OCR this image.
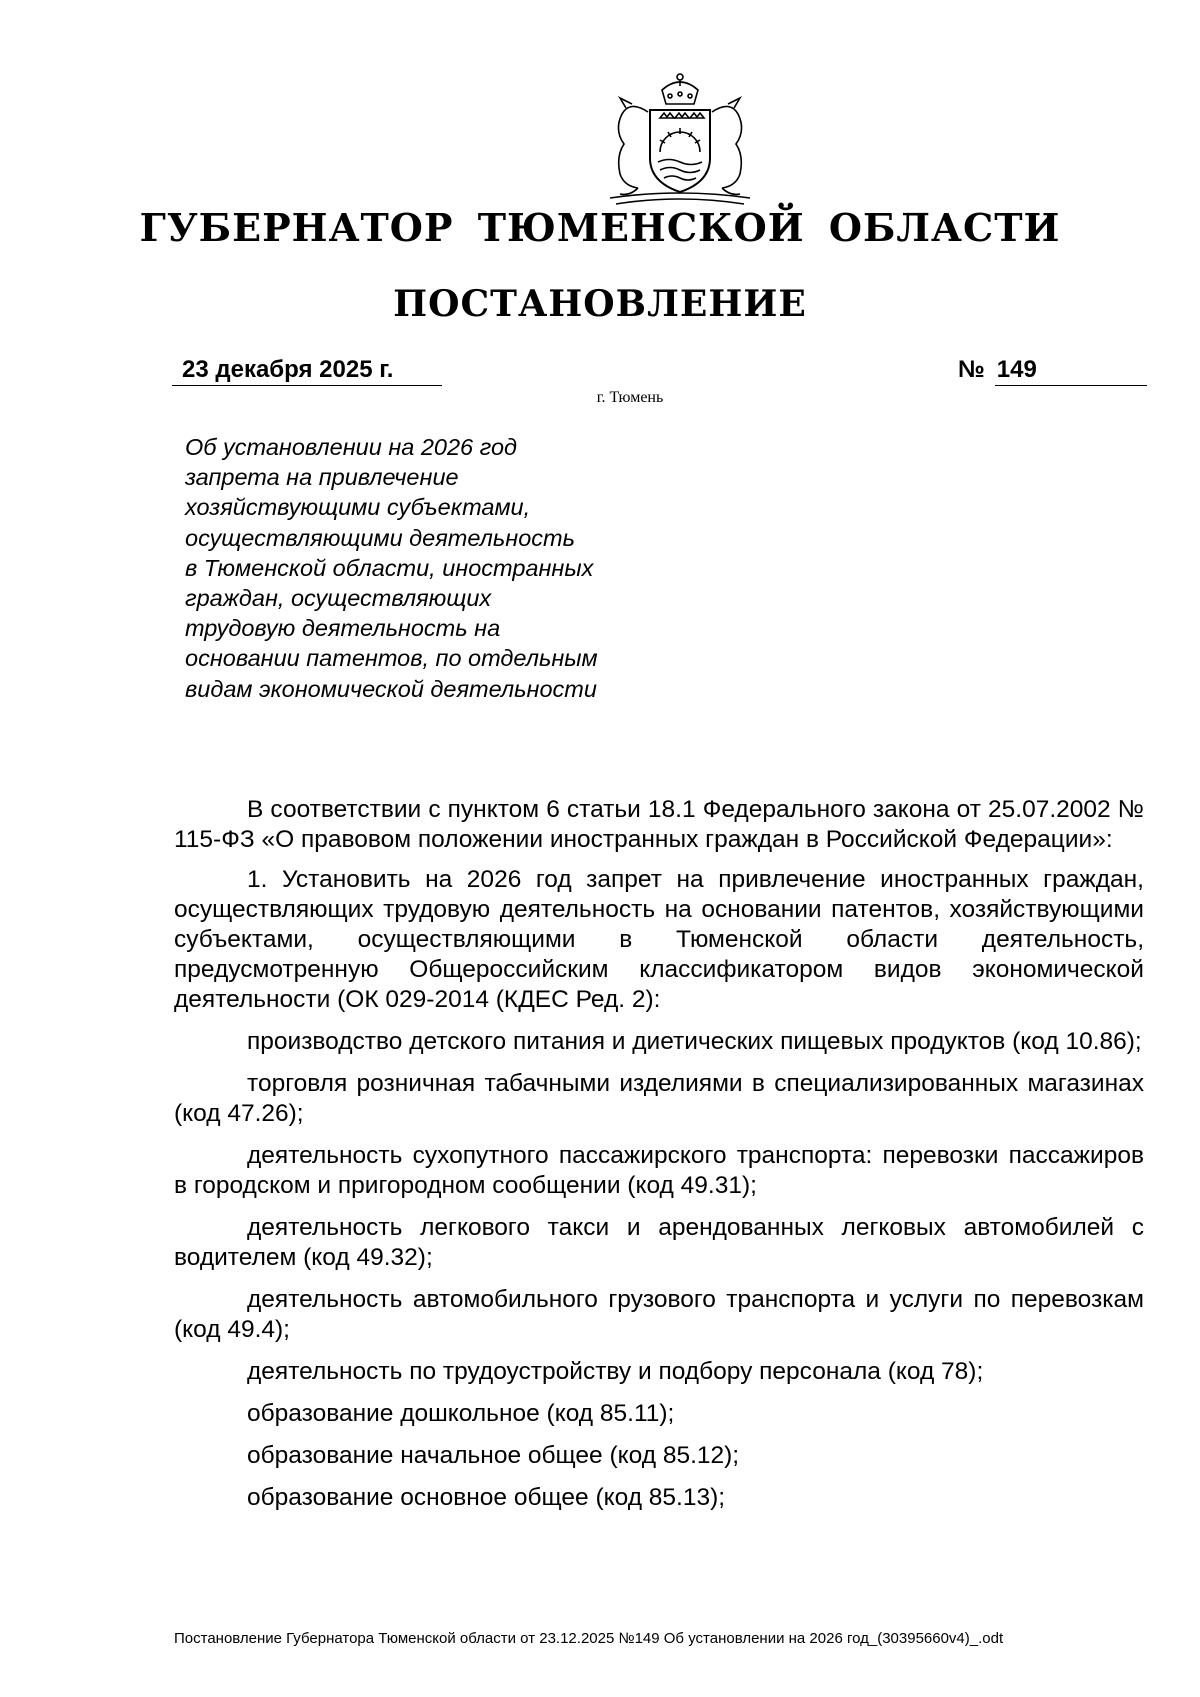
ГУБЕРНАТОР ТЮМЕНСКОЙ ОБЛАСТИ
ПОСТАНОВЛЕНИЕ
23 декабря 2025 г.	№ 149
г. Тюмень
Об установлении на 2026 год
запрета на привлечение
хозяйствующими субъектами,
осуществляющими деятельность
в Тюменской области, иностранных
граждан, осуществляющих
трудовую деятельность на
основании патентов, по отдельным
видам экономической деятельности

В соответствии с пунктом 6 статьи 18.1 Федерального закона от 25.07.2002 № 115-ФЗ «О правовом положении иностранных граждан в Российской Федерации»:

1. Установить на 2026 год запрет на привлечение иностранных граждан, осуществляющих трудовую деятельность на основании патентов, хозяйствующими субъектами, осуществляющими в Тюменской области деятельность, предусмотренную Общероссийским классификатором видов экономической деятельности (ОК 029-2014 (КДЕС Ред. 2):

производство детского питания и диетических пищевых продуктов (код 10.86);

торговля розничная табачными изделиями в специализированных магазинах (код 47.26);

деятельность сухопутного пассажирского транспорта: перевозки пассажиров в городском и пригородном сообщении (код 49.31);

деятельность легкового такси и арендованных легковых автомобилей с водителем (код 49.32);

деятельность автомобильного грузового транспорта и услуги по перевозкам (код 49.4);

деятельность по трудоустройству и подбору персонала (код 78);

образование дошкольное (код 85.11);

образование начальное общее (код 85.12);

образование основное общее (код 85.13);

Постановление Губернатора Тюменской области от 23.12.2025 №149 Об установлении на 2026 год_(30395660v4)_.odt
